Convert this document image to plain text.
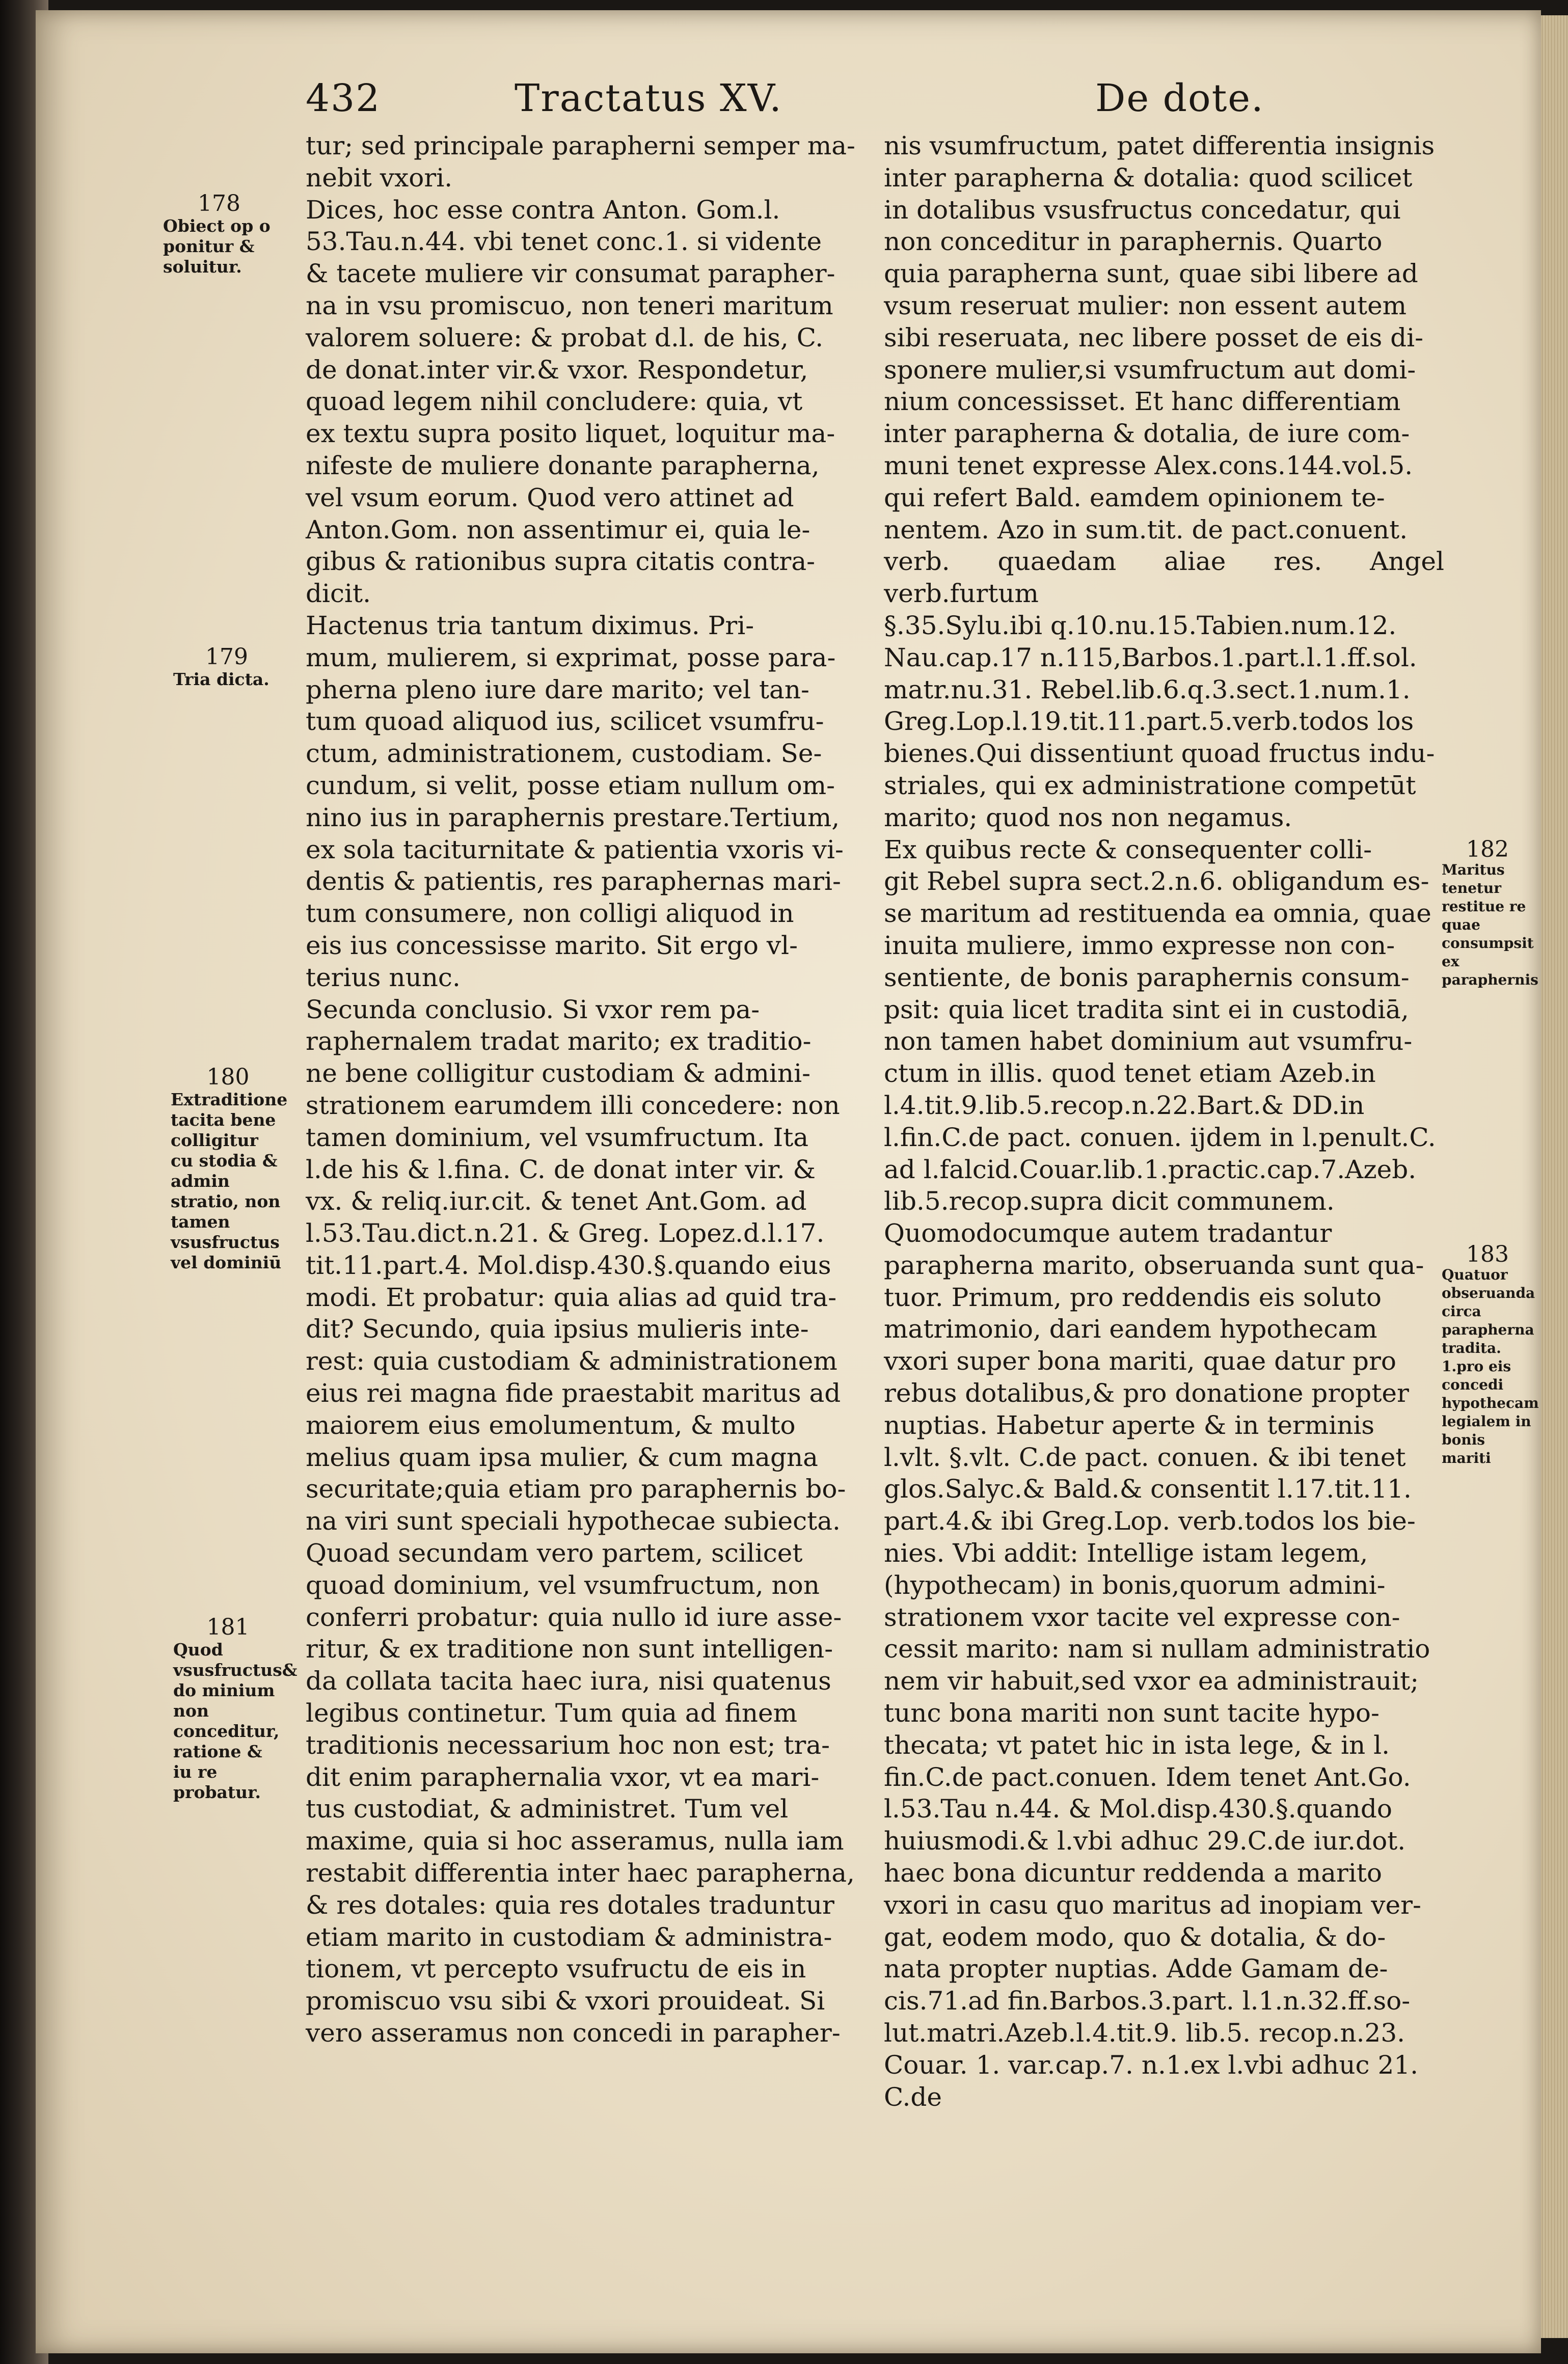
432	Tractatus XV.	De dote.

tur; sed principale parapherni semper ma-

nebit vxori.

Dices, hoc esse contra Anton. Gom.l.

53.Tau.n.44. vbi tenet conc.1. si vidente

& tacete muliere vir consumat parapher-

na in vsu promiscuo, non teneri maritum

valorem soluere: & probat d.l. de his, C.

de donat.inter vir.& vxor. Respondetur,

quoad legem nihil concludere: quia, vt

ex textu supra posito liquet, loquitur ma-

nifeste de muliere donante parapherna,

vel vsum eorum. Quod vero attinet ad

Anton.Gom. non assentimur ei, quia le-

gibus & rationibus supra citatis contra-

dicit.

Hactenus tria tantum diximus. Pri-

mum, mulierem, si exprimat, posse para-

pherna pleno iure dare marito; vel tan-

tum quoad aliquod ius, scilicet vsumfru-

ctum, administrationem, custodiam. Se-

cundum, si velit, posse etiam nullum om-

nino ius in paraphernis prestare.Tertium,

ex sola taciturnitate & patientia vxoris vi-

dentis & patientis, res paraphernas mari-

tum consumere, non colligi aliquod in

eis ius concessisse marito. Sit ergo vl-

terius nunc.

Secunda conclusio. Si vxor rem pa-

raphernalem tradat marito; ex traditio-

ne bene colligitur custodiam & admini-

strationem earumdem illi concedere: non

tamen dominium, vel vsumfructum. Ita

l.de his & l.fina. C. de donat inter vir. &

vx. & reliq.iur.cit. & tenet Ant.Gom. ad

l.53.Tau.dict.n.21. & Greg. Lopez.d.l.17.

tit.11.part.4. Mol.disp.430.§.quando eius

modi. Et probatur: quia alias ad quid tra-

dit? Secundo, quia ipsius mulieris inte-

rest: quia custodiam & administrationem

eius rei magna fide praestabit maritus ad

maiorem eius emolumentum, & multo

melius quam ipsa mulier, & cum magna

securitate;quia etiam pro paraphernis bo-

na viri sunt speciali hypothecae subiecta.

Quoad secundam vero partem, scilicet

quoad dominium, vel vsumfructum, non

conferri probatur: quia nullo id iure asse-

ritur, & ex traditione non sunt intelligen-

da collata tacita haec iura, nisi quatenus

legibus continetur. Tum quia ad finem

traditionis necessarium hoc non est; tra-

dit enim paraphernalia vxor, vt ea mari-

tus custodiat, & administret. Tum vel

maxime, quia si hoc asseramus, nulla iam

restabit differentia inter haec parapherna,

& res dotales: quia res dotales traduntur

etiam marito in custodiam & administra-

tionem, vt percepto vsufructu de eis in

promiscuo vsu sibi & vxori prouideat. Si

vero asseramus non concedi in parapher-

nis vsumfructum, patet differentia insignis

inter parapherna & dotalia: quod scilicet

in dotalibus vsusfructus concedatur, qui

non conceditur in paraphernis. Quarto

quia parapherna sunt, quae sibi libere ad

vsum reseruat mulier: non essent autem

sibi reseruata, nec libere posset de eis di-

sponere mulier,si vsumfructum aut domi-

nium concessisset. Et hanc differentiam

inter parapherna & dotalia, de iure com-

muni tenet expresse Alex.cons.144.vol.5.

qui refert Bald. eamdem opinionem te-

nentem. Azo in sum.tit. de pact.conuent.

verb. quaedam aliae res. Angel verb.furtum

§.35.Sylu.ibi q.10.nu.15.Tabien.num.12.

Nau.cap.17 n.115,Barbos.1.part.l.1.ff.sol.

matr.nu.31. Rebel.lib.6.q.3.sect.1.num.1.

Greg.Lop.l.19.tit.11.part.5.verb.todos los

bienes.Qui dissentiunt quoad fructus indu-

striales, qui ex administratione competūt

marito; quod nos non negamus.

Ex quibus recte & consequenter colli-

git Rebel supra sect.2.n.6. obligandum es-

se maritum ad restituenda ea omnia, quae

inuita muliere, immo expresse non con-

sentiente, de bonis paraphernis consum-

psit: quia licet tradita sint ei in custodiā,

non tamen habet dominium aut vsumfru-

ctum in illis. quod tenet etiam Azeb.in

l.4.tit.9.lib.5.recop.n.22.Bart.& DD.in

l.fin.C.de pact. conuen. ijdem in l.penult.C.

ad l.falcid.Couar.lib.1.practic.cap.7.Azeb.

lib.5.recop.supra dicit communem.

Quomodocumque autem tradantur

parapherna marito, obseruanda sunt qua-

tuor. Primum, pro reddendis eis soluto

matrimonio, dari eandem hypothecam

vxori super bona mariti, quae datur pro

rebus dotalibus,& pro donatione propter

nuptias. Habetur aperte & in terminis

l.vlt. §.vlt. C.de pact. conuen. & ibi tenet

glos.Salyc.& Bald.& consentit l.17.tit.11.

part.4.& ibi Greg.Lop. verb.todos los bie-

nies. Vbi addit: Intellige istam legem,

(hypothecam) in bonis,quorum admini-

strationem vxor tacite vel expresse con-

cessit marito: nam si nullam administratio

nem vir habuit,sed vxor ea administrauit;

tunc bona mariti non sunt tacite hypo-

thecata; vt patet hic in ista lege, & in l.

fin.C.de pact.conuen. Idem tenet Ant.Go.

l.53.Tau n.44. & Mol.disp.430.§.quando

huiusmodi.& l.vbi adhuc 29.C.de iur.dot.

haec bona dicuntur reddenda a marito

vxori in casu quo maritus ad inopiam ver-

gat, eodem modo, quo & dotalia, & do-

nata propter nuptias. Adde Gamam de-

cis.71.ad fin.Barbos.3.part. l.1.n.32.ff.so-

lut.matri.Azeb.l.4.tit.9. lib.5. recop.n.23.

Couar. 1. var.cap.7. n.1.ex l.vbi adhuc 21.

C.de

178
Obiect op o ponitur & soluitur.
179
Tria dicta.
180
Extraditione tacita bene colligitur cu stodia & admin stratio, non tamen vsusfructus vel dominiū
181
Quod vsusfructus& do minium non conceditur, ratione & iu re probatur.
182
Maritus tenetur restitue re quae consumpsit ex paraphernis
183
Quatuor obseruanda circa parapherna tradita. 1.pro eis concedi hypothecam legialem in bonis mariti
